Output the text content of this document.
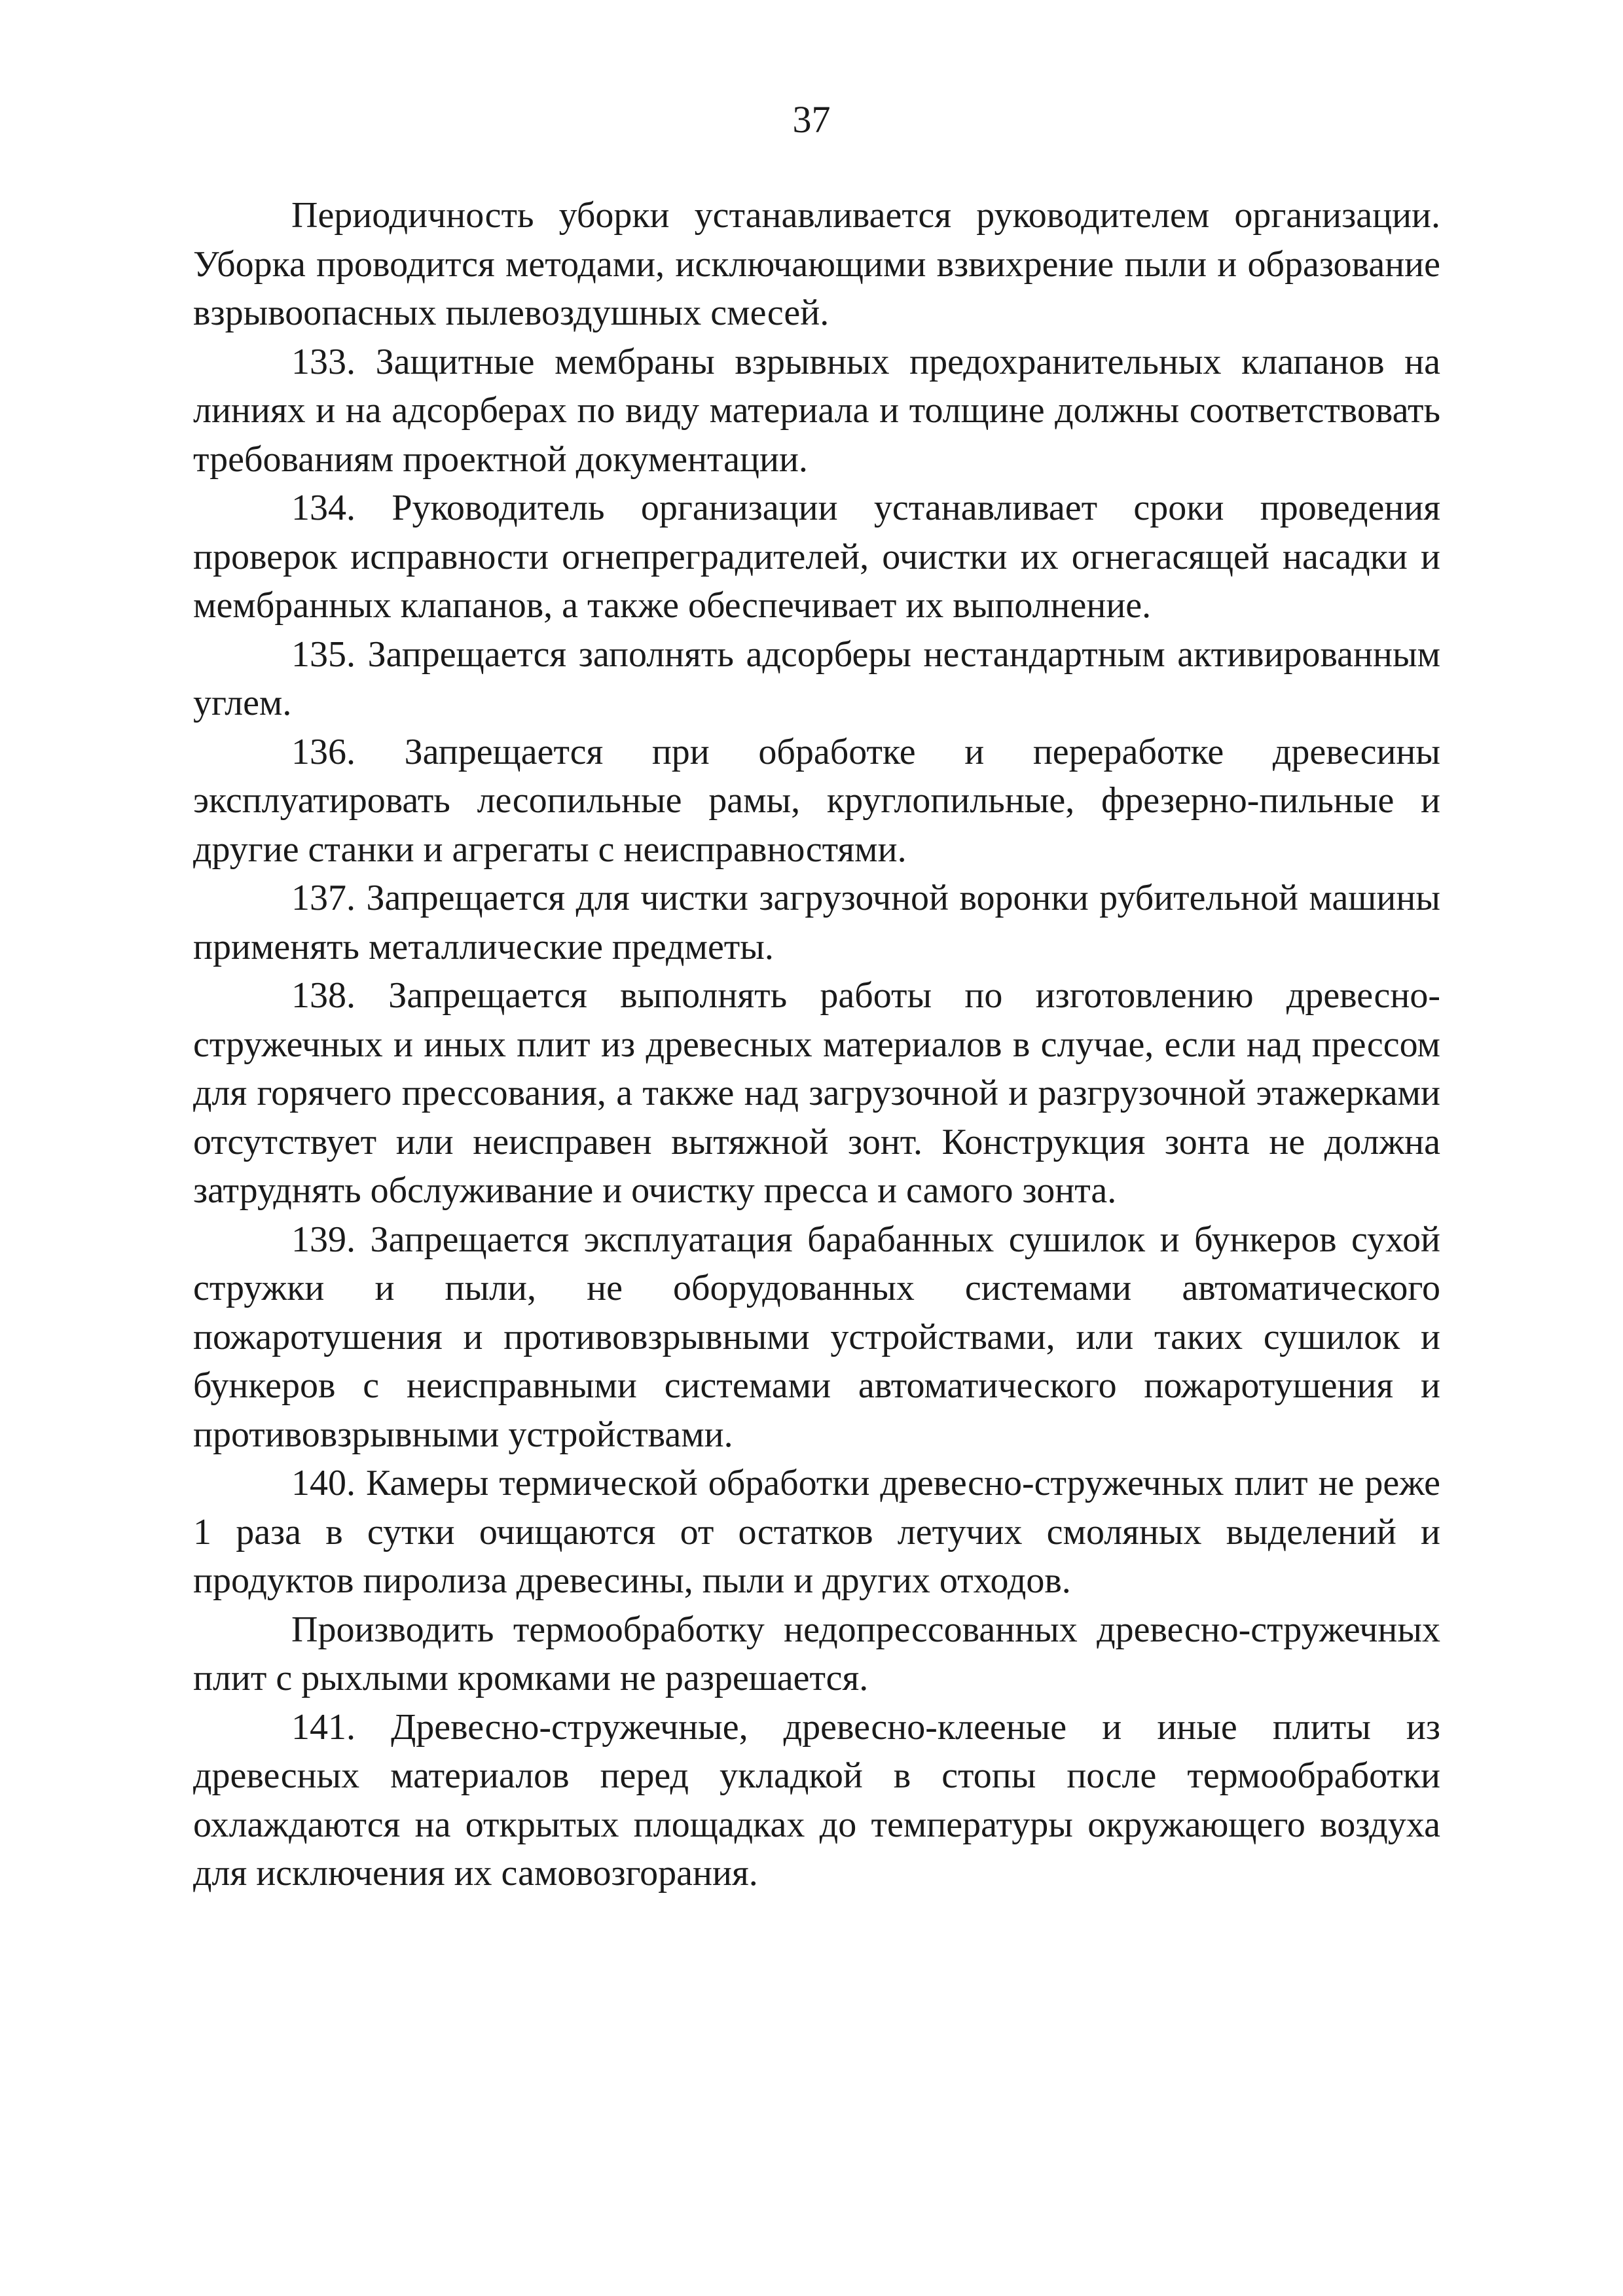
37

Периодичность уборки устанавливается руководителем организации. Уборка проводится методами, исключающими взвихрение пыли и образование взрывоопасных пылевоздушных смесей.

133. Защитные мембраны взрывных предохранительных клапанов на линиях и на адсорберах по виду материала и толщине должны соответствовать требованиям проектной документации.

134. Руководитель организации устанавливает сроки проведения проверок исправности огнепреградителей, очистки их огнегасящей насадки и мембранных клапанов, а также обеспечивает их выполнение.

135. Запрещается заполнять адсорберы нестандартным активированным углем.

136. Запрещается при обработке и переработке древесины эксплуатировать лесопильные рамы, круглопильные, фрезерно-пильные и другие станки и агрегаты с неисправностями.

137. Запрещается для чистки загрузочной воронки рубительной машины применять металлические предметы.

138. Запрещается выполнять работы по изготовлению древесно-стружечных и иных плит из древесных материалов в случае, если над прессом для горячего прессования, а также над загрузочной и разгрузочной этажерками отсутствует или неисправен вытяжной зонт. Конструкция зонта не должна затруднять обслуживание и очистку пресса и самого зонта.

139. Запрещается эксплуатация барабанных сушилок и бункеров сухой стружки и пыли, не оборудованных системами автоматического пожаротушения и противовзрывными устройствами, или таких сушилок и бункеров с неисправными системами автоматического пожаротушения и противовзрывными устройствами.

140. Камеры термической обработки древесно-стружечных плит не реже 1 раза в сутки очищаются от остатков летучих смоляных выделений и продуктов пиролиза древесины, пыли и других отходов.

Производить термообработку недопрессованных древесно-стружечных плит с рыхлыми кромками не разрешается.

141. Древесно-стружечные, древесно-клееные и иные плиты из древесных материалов перед укладкой в стопы после термообработки охлаждаются на открытых площадках до температуры окружающего воздуха для исключения их самовозгорания.
